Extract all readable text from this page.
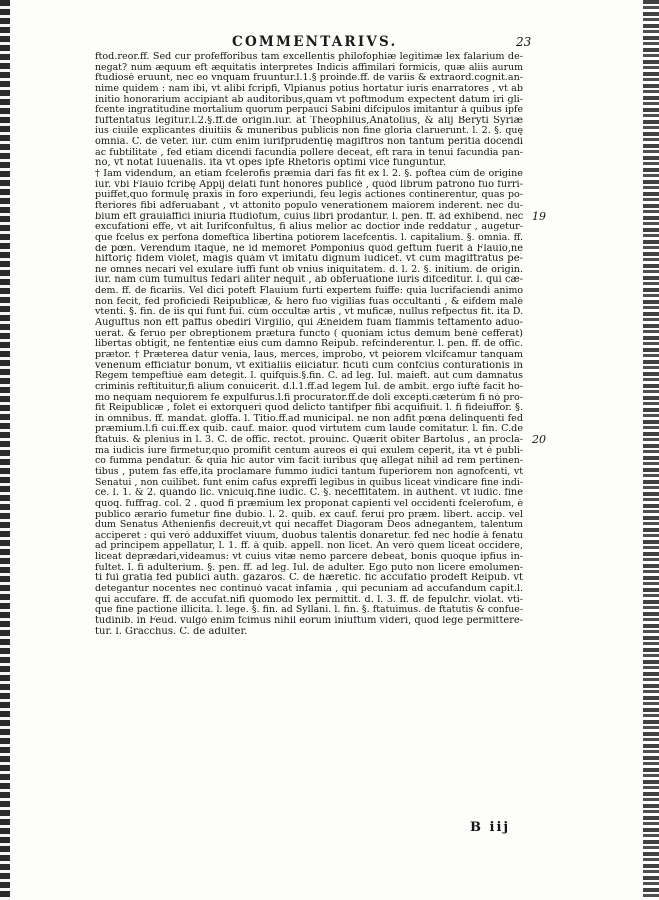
COMMENTARIVS.	23
19
20
ftod.reor.ff. Sed cur profefforibus tam excellentis philofophiæ legitimæ lex falarium de-
negat? num æquum eft æquitatis interpretes Indicis affimilari formicis, quæ aliis aurum
ftudiosè eruunt, nec eo vnquam fruuntur.l.1.§ proinde.ff. de variis & extraord.cognit.an-
nime quidem : nam ibi, vt alibi fcripfi, Vlpianus potius hortatur iuris enarratores , vt ab
initio honorarium accipiant ab auditoribus,quam vt poftmodum expectent datum iri gli-
fcente ingratitudine mortalium quorum perpauci Sabini difcipulos imitantur à quibus ipfe
fuftentatus legitur.l.2.§.ff.de origin.iur. at Theophilus,Anatolius, & alij Beryti Syriæ
ius ciuile explicantes diuitiis & muneribus publicis non fine gloria claruerunt. l. 2. §. quę
omnia. C. de veter. iur. cùm enim iurifprudentię magiftros non tantum peritia docendi
ac fubtilitate , fed etiam dicendi facundia pollere deceat, eft rara in tenui facundia pan-
no, vt notat Iuuenalis. ita vt opes ipfe Rhetoris optimi vice funguntur.
† Iam videndum, an etiam fcelerofis præmia dari fas fit ex l. 2. §. poftea cùm de origine
iur. vbi Flauio fcribę Appij delati funt honores publicè , quòd librum patrono fuo furri-
puiffet,quo formulę praxis in foro experiundi, feu legis actiones continerentur, quas po-
fteriores fibi adferuabant , vt attonito populo venerationem maiorem inderent. nec du-
bium eft grauiaffici iniuria ftudiofum, cuius libri prodantur. l. pen. ff. ad exhibend. nec
excufationi effe, vt ait Iurifconfultus, fi alius melior ac doctior inde reddatur , augetur-
que fcelus ex perfona domeftica libertina potiorem lacefcentis. l. capitalium. §. omnia. ff.
de pœn. Verendum itaque, ne id memoret Pomponius quòd geftum fuerit à Flauio,ne
hiftoriç fidem violet, magis quàm vt imitatu dignum iudicet. vt cum magiftratus pe-
ne omnes necari vel exulare iuffi funt ob vnius iniquitatem. d. l. 2. §. initium. de origin.
iur. nam cùm tumultus fedari aliter nequit , ab obferuatione iuris difceditur. l. qui cæ-
dem. ff. de ficariis. Vel dici poteft Flauium furti expertem fuiffe: quia lucrifaciendi animo
non fecit, fed proficiedi Reipublicæ, & hero fuo vigilias fuas occultanti , & eifdem malè
vtenti. §. fin. de iis qui funt fui. cùm occultæ artis , vt muficæ, nullus refpectus fit. ita D.
Auguftus non eft paffus obediri Virgilio, qui Æneidem fuam flammis teftamento aduo-
uerat. & feruo per obreptionem prætura functo ( quoniam ictus demum benè cefferat)
libertas obtigit, ne fententiæ eius cum damno Reipub. refcinderentur. l. pen. ff. de offic.
prætor. † Præterea datur venia, laus, merces, improbo, vt peiorem vlcifcamur tanquam
venenum efficiatur bonum, vt exitialiis eiiciatur. ficuti cum confcius conturationis in
Regem tempeftiuè eam detegit. l. quifquis.§.fin. C. ad leg. Iul. maieft. aut cum damnatus
criminis reftituitur,fi alium conuicerit. d.l.1.ff.ad legem Iul. de ambit. ergo iuftè facit ho-
mo nequam nequiorem fe expulfurus.l.fi procurator.ff.de doli excepti.cæterùm fi nó pro-
fit Reipublicæ , folet ei extorqueri quod delicto tantifper fibi acquifiuit. l. fi fideiuffor. §.
in omnibus. ff. mandat. gloffa. l. Titio.ff.ad municipal. ne non adfit pœna delinquenti fed
præmium.l.fi cui.ff.ex quib. cauf. maior. quod virtutem cum laude comitatur. l. fin. C.de
ftatuis. & plenius in l. 3. C. de offic. rectot. prouinc. Quærit obiter Bartolus , an procla-
ma iudicis iure firmetur,quo promifit centum aureos ei qui exulem ceperit, ita vt è publi-
co fumma pendatur. & quia hic autor vim facit iuribus quę allegat nihil ad rem pertinen-
tibus , putem fas effe,ita proclamare fummo iudici tantum fuperiorem non agnofcenti, vt
Senatui , non cuilibet. funt enim cafus expreffi legibus in quibus liceat vindicare fine indi-
ce. l. 1. & 2. quando lic. vnicuiq.fine iudic. C. §. neceffitatem. in authent. vt iudic. fine
quoq. fuffrag. col. 2 . quod fi præmium lex proponat capienti vel occidenti fcelerofum, è
publico ærario fumetur fine dubio. l. 2. quib. ex cauf. feruí pro præm. libert. accip. vel
dum Senatus Athenienfis decreuit,vt qui necaffet Diagoram Deos adnegantem, talentum
acciperet : qui verò adduxiffet viuum, duobus talentis donaretur. fed nec hodie à fenatu
ad principem appellatur, l. 1. ff. à quib. appell. non licet. An verò quem liceat occidere,
liceat deprædari,videamus: vt cuius vitæ nemo parcere debeat, bonis quoque ipfius in-
fultet. l. fi adulterium. §. pen. ff. ad leg. Iul. de adulter. Ego puto non licere emolumen-
ti fui gratia fed publici auth. gazaros. C. de hæretic. fic accufatio prodeft Reipub. vt
detegantur nocentes nec continuò vacat infamia , qui pecuniam ad accufandum capit.l.
qui accufare. ff. de accufat.nifi quomodo lex permittit. d. l. 3. ff. de fepulchr. violat. vti-
que fine pactione illicita. l. lege. §. fin. ad Syllani. l. fin. §. ftatuimus. de ftatutis & confue-
tudinib. in Feud. vulgò enim fcimus nihil eorum iniuftum videri, quod lege permittere-
tur. l. Gracchus. C. de adulter.
B iij
